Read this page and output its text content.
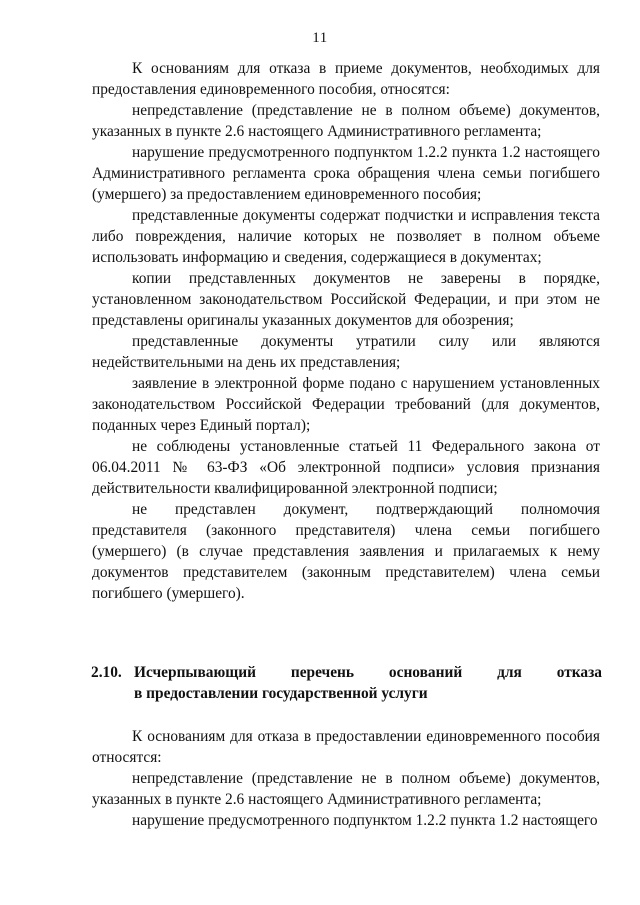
11

К основаниям для отказа в приеме документов, необходимых для предоставления единовременного пособия, относятся:

непредставление (представление не в полном объеме) документов, указанных в пункте 2.6 настоящего Административного регламента;

нарушение предусмотренного подпунктом 1.2.2 пункта 1.2 настоящего Административного регламента срока обращения члена семьи погибшего (умершего) за предоставлением единовременного пособия;

представленные документы содержат подчистки и исправления текста либо повреждения, наличие которых не позволяет в полном объеме использовать информацию и сведения, содержащиеся в документах;

копии представленных документов не заверены в порядке, установленном законодательством Российской Федерации, и при этом не представлены оригиналы указанных документов для обозрения;

представленные документы утратили силу или являются недействительными на день их представления;

заявление в электронной форме подано с нарушением установленных законодательством Российской Федерации требований (для документов, поданных через Единый портал);

не соблюдены установленные статьей 11 Федерального закона от 06.04.2011 № 63-ФЗ «Об электронной подписи» условия признания действительности квалифицированной электронной подписи;

не представлен документ, подтверждающий полномочия представителя (законного представителя) члена семьи погибшего (умершего) (в случае представления заявления и прилагаемых к нему документов представителем (законным представителем) члена семьи погибшего (умершего).

2.10. Исчерпывающий перечень оснований для отказа

в предоставлении государственной услуги

К основаниям для отказа в предоставлении единовременного пособия относятся:

непредставление (представление не в полном объеме) документов, указанных в пункте 2.6 настоящего Административного регламента;

нарушение предусмотренного подпунктом 1.2.2 пункта 1.2 настоящего
